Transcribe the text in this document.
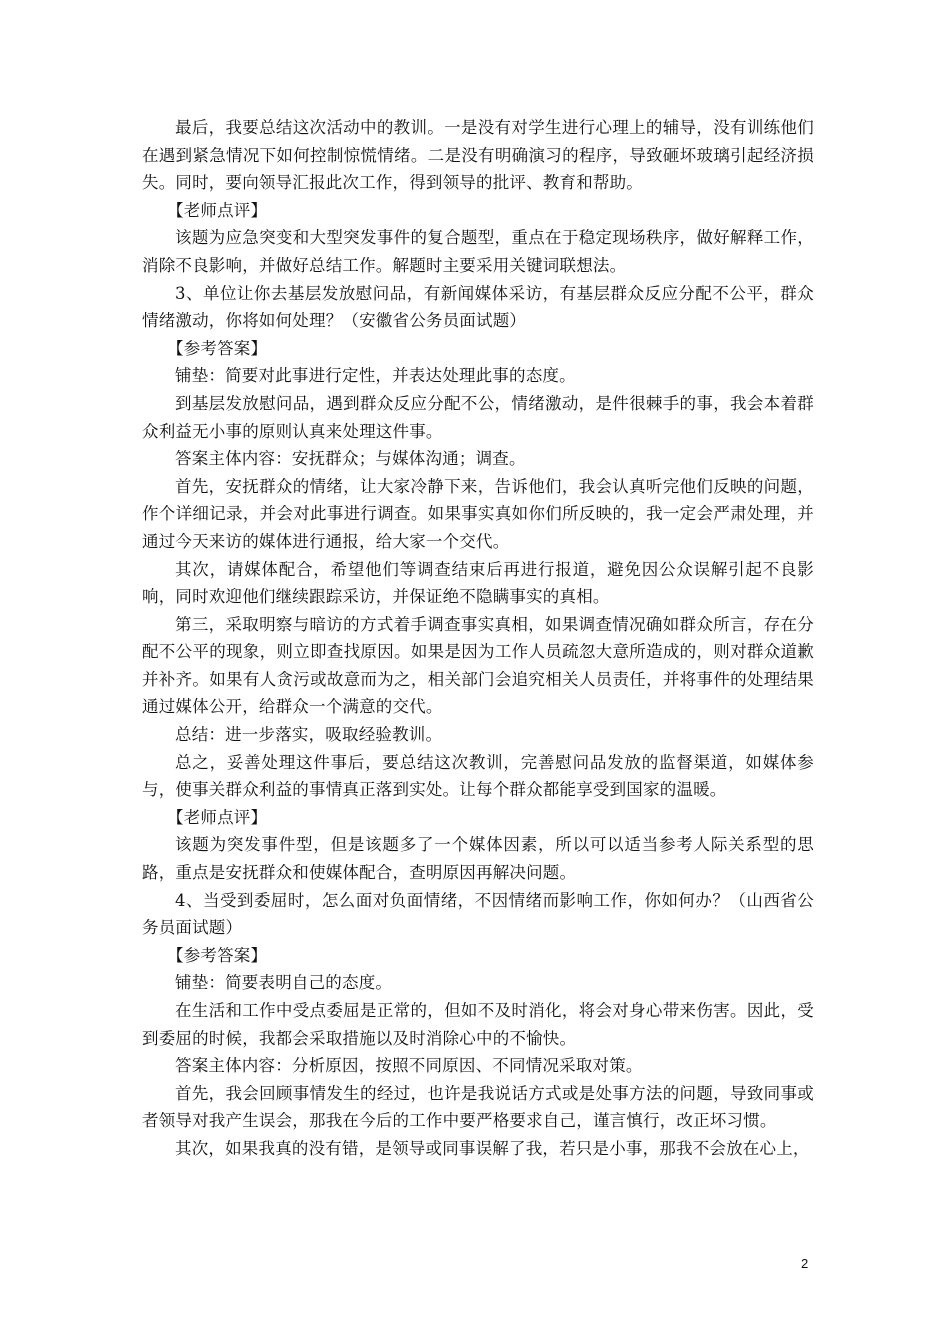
最后，我要总结这次活动中的教训。一是没有对学生进行心理上的辅导，没有训练他们在遇到紧急情况下如何控制惊慌情绪。二是没有明确演习的程序，导致砸坏玻璃引起经济损失。同时，要向领导汇报此次工作，得到领导的批评、教育和帮助。

【老师点评】

该题为应急突变和大型突发事件的复合题型，重点在于稳定现场秩序，做好解释工作，消除不良影响，并做好总结工作。解题时主要采用关键词联想法。

3、单位让你去基层发放慰问品，有新闻媒体采访，有基层群众反应分配不公平，群众情绪激动，你将如何处理？（安徽省公务员面试题）

【参考答案】

铺垫：简要对此事进行定性，并表达处理此事的态度。

到基层发放慰问品，遇到群众反应分配不公，情绪激动，是件很棘手的事，我会本着群众利益无小事的原则认真来处理这件事。

答案主体内容：安抚群众；与媒体沟通；调查。

首先，安抚群众的情绪，让大家冷静下来，告诉他们，我会认真听完他们反映的问题，作个详细记录，并会对此事进行调查。如果事实真如你们所反映的，我一定会严肃处理，并通过今天来访的媒体进行通报，给大家一个交代。

其次，请媒体配合，希望他们等调查结束后再进行报道，避免因公众误解引起不良影响，同时欢迎他们继续跟踪采访，并保证绝不隐瞒事实的真相。

第三，采取明察与暗访的方式着手调查事实真相，如果调查情况确如群众所言，存在分配不公平的现象，则立即查找原因。如果是因为工作人员疏忽大意所造成的，则对群众道歉并补齐。如果有人贪污或故意而为之，相关部门会追究相关人员责任，并将事件的处理结果通过媒体公开，给群众一个满意的交代。

总结：进一步落实，吸取经验教训。

总之，妥善处理这件事后，要总结这次教训，完善慰问品发放的监督渠道，如媒体参与，使事关群众利益的事情真正落到实处。让每个群众都能享受到国家的温暖。

【老师点评】

该题为突发事件型，但是该题多了一个媒体因素，所以可以适当参考人际关系型的思路，重点是安抚群众和使媒体配合，查明原因再解决问题。

4、当受到委屈时，怎么面对负面情绪，不因情绪而影响工作，你如何办？（山西省公务员面试题）

【参考答案】

铺垫：简要表明自己的态度。

在生活和工作中受点委屈是正常的，但如不及时消化，将会对身心带来伤害。因此，受到委屈的时候，我都会采取措施以及时消除心中的不愉快。

答案主体内容：分析原因，按照不同原因、不同情况采取对策。

首先，我会回顾事情发生的经过，也许是我说话方式或是处事方法的问题，导致同事或者领导对我产生误会，那我在今后的工作中要严格要求自己，谨言慎行，改正坏习惯。

其次，如果我真的没有错，是领导或同事误解了我，若只是小事，那我不会放在心上，

2
